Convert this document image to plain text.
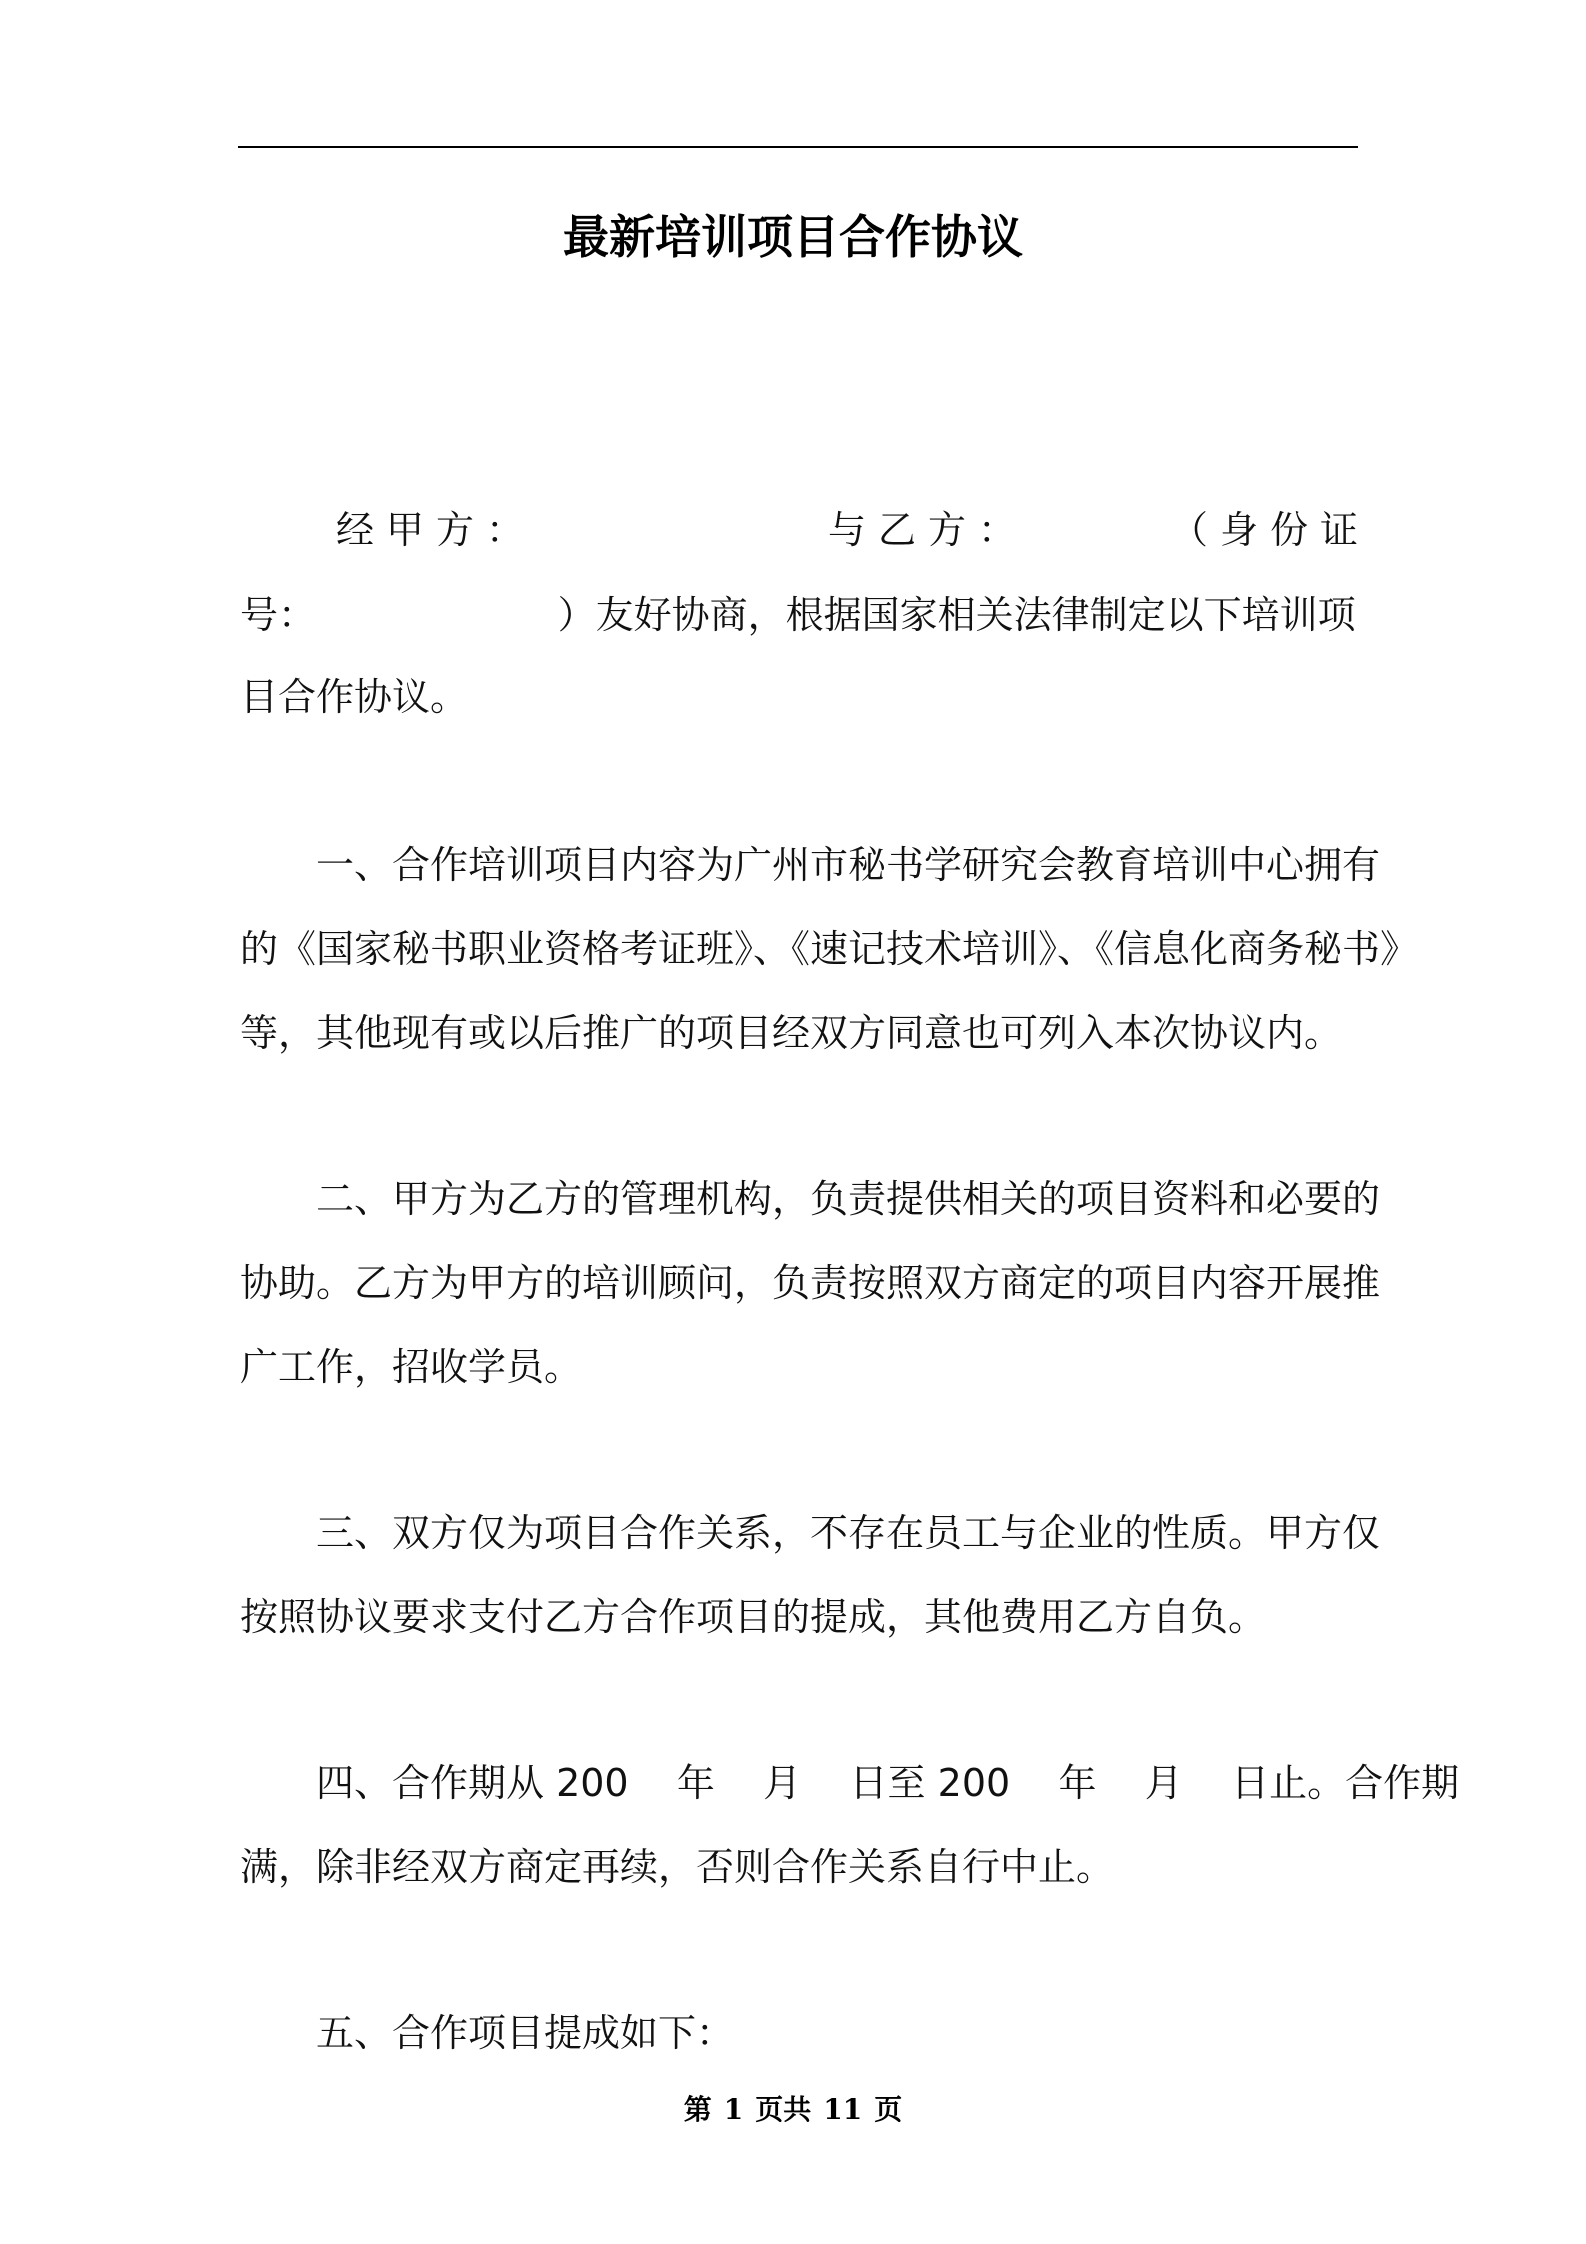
最新培训项目合作协议
经甲方：	与乙方：	（身份证
号：                    ）友好协商，根据国家相关法律制定以下培训项
目合作协议。
一、合作培训项目内容为广州市秘书学研究会教育培训中心拥有
的《国家秘书职业资格考证班》、《速记技术培训》、《信息化商务秘书》
等，其他现有或以后推广的项目经双方同意也可列入本次协议内。
二、甲方为乙方的管理机构，负责提供相关的项目资料和必要的
协助。乙方为甲方的培训顾问，负责按照双方商定的项目内容开展推
广工作，招收学员。
三、双方仅为项目合作关系，不存在员工与企业的性质。甲方仅
按照协议要求支付乙方合作项目的提成，其他费用乙方自负。
四、合作期从 200    年    月    日至 200    年    月    日止。合作期
满，除非经双方商定再续，否则合作关系自行中止。
五、合作项目提成如下：
第 1 页共 11 页
